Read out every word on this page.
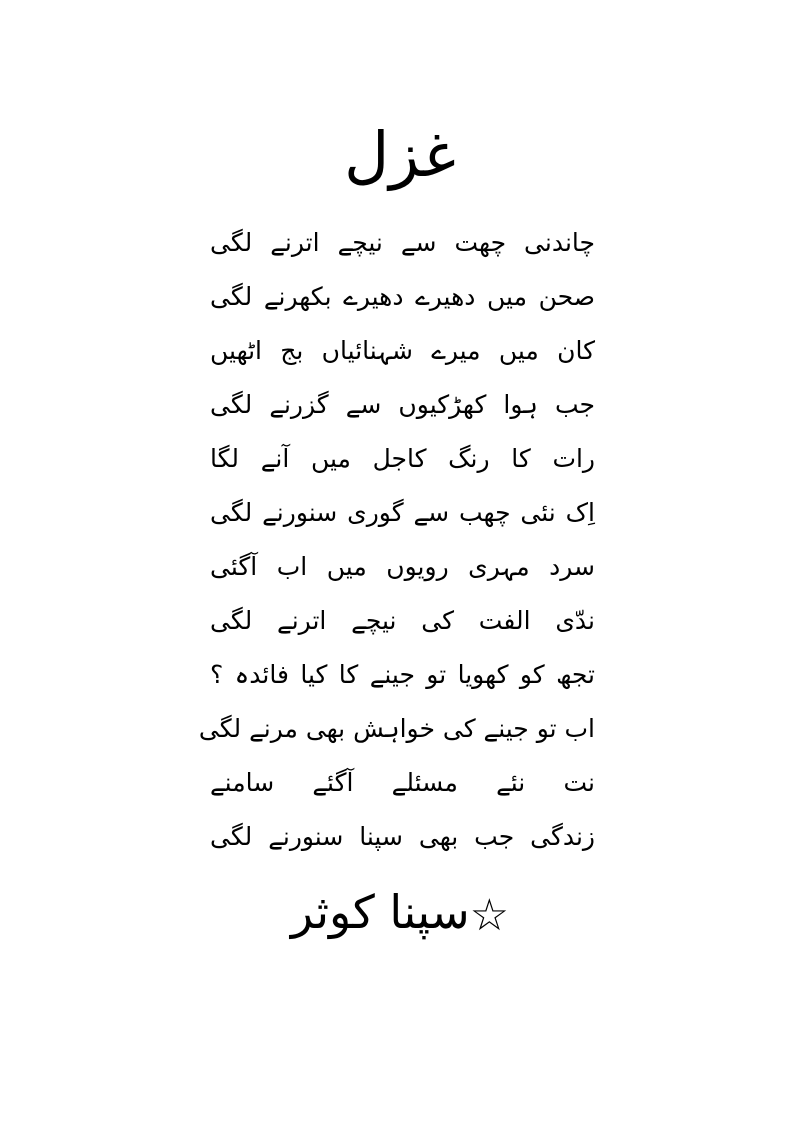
غزل
چاندنی چھت سے نیچے اترنے لگی
صحن میں دھیرے دھیرے بکھرنے لگی
کان میں میرے شہنائیاں بج اٹھیں
جب ہوا کھڑکیوں سے گزرنے لگی
رات کا رنگ کاجل میں آنے لگا
اِک نئی چھب سے گوری سنورنے لگی
سرد مہری رویوں میں اب آگئی
ندّی الفت کی نیچے اترنے لگی
تجھ کو کھویا تو جینے کا کیا فائدہ ؟
اب تو جینے کی خواہش بھی مرنے لگی
نت نئے مسئلے آگئے سامنے
زندگی جب بھی سپنا سنورنے لگی
☆سپنا کوثر
